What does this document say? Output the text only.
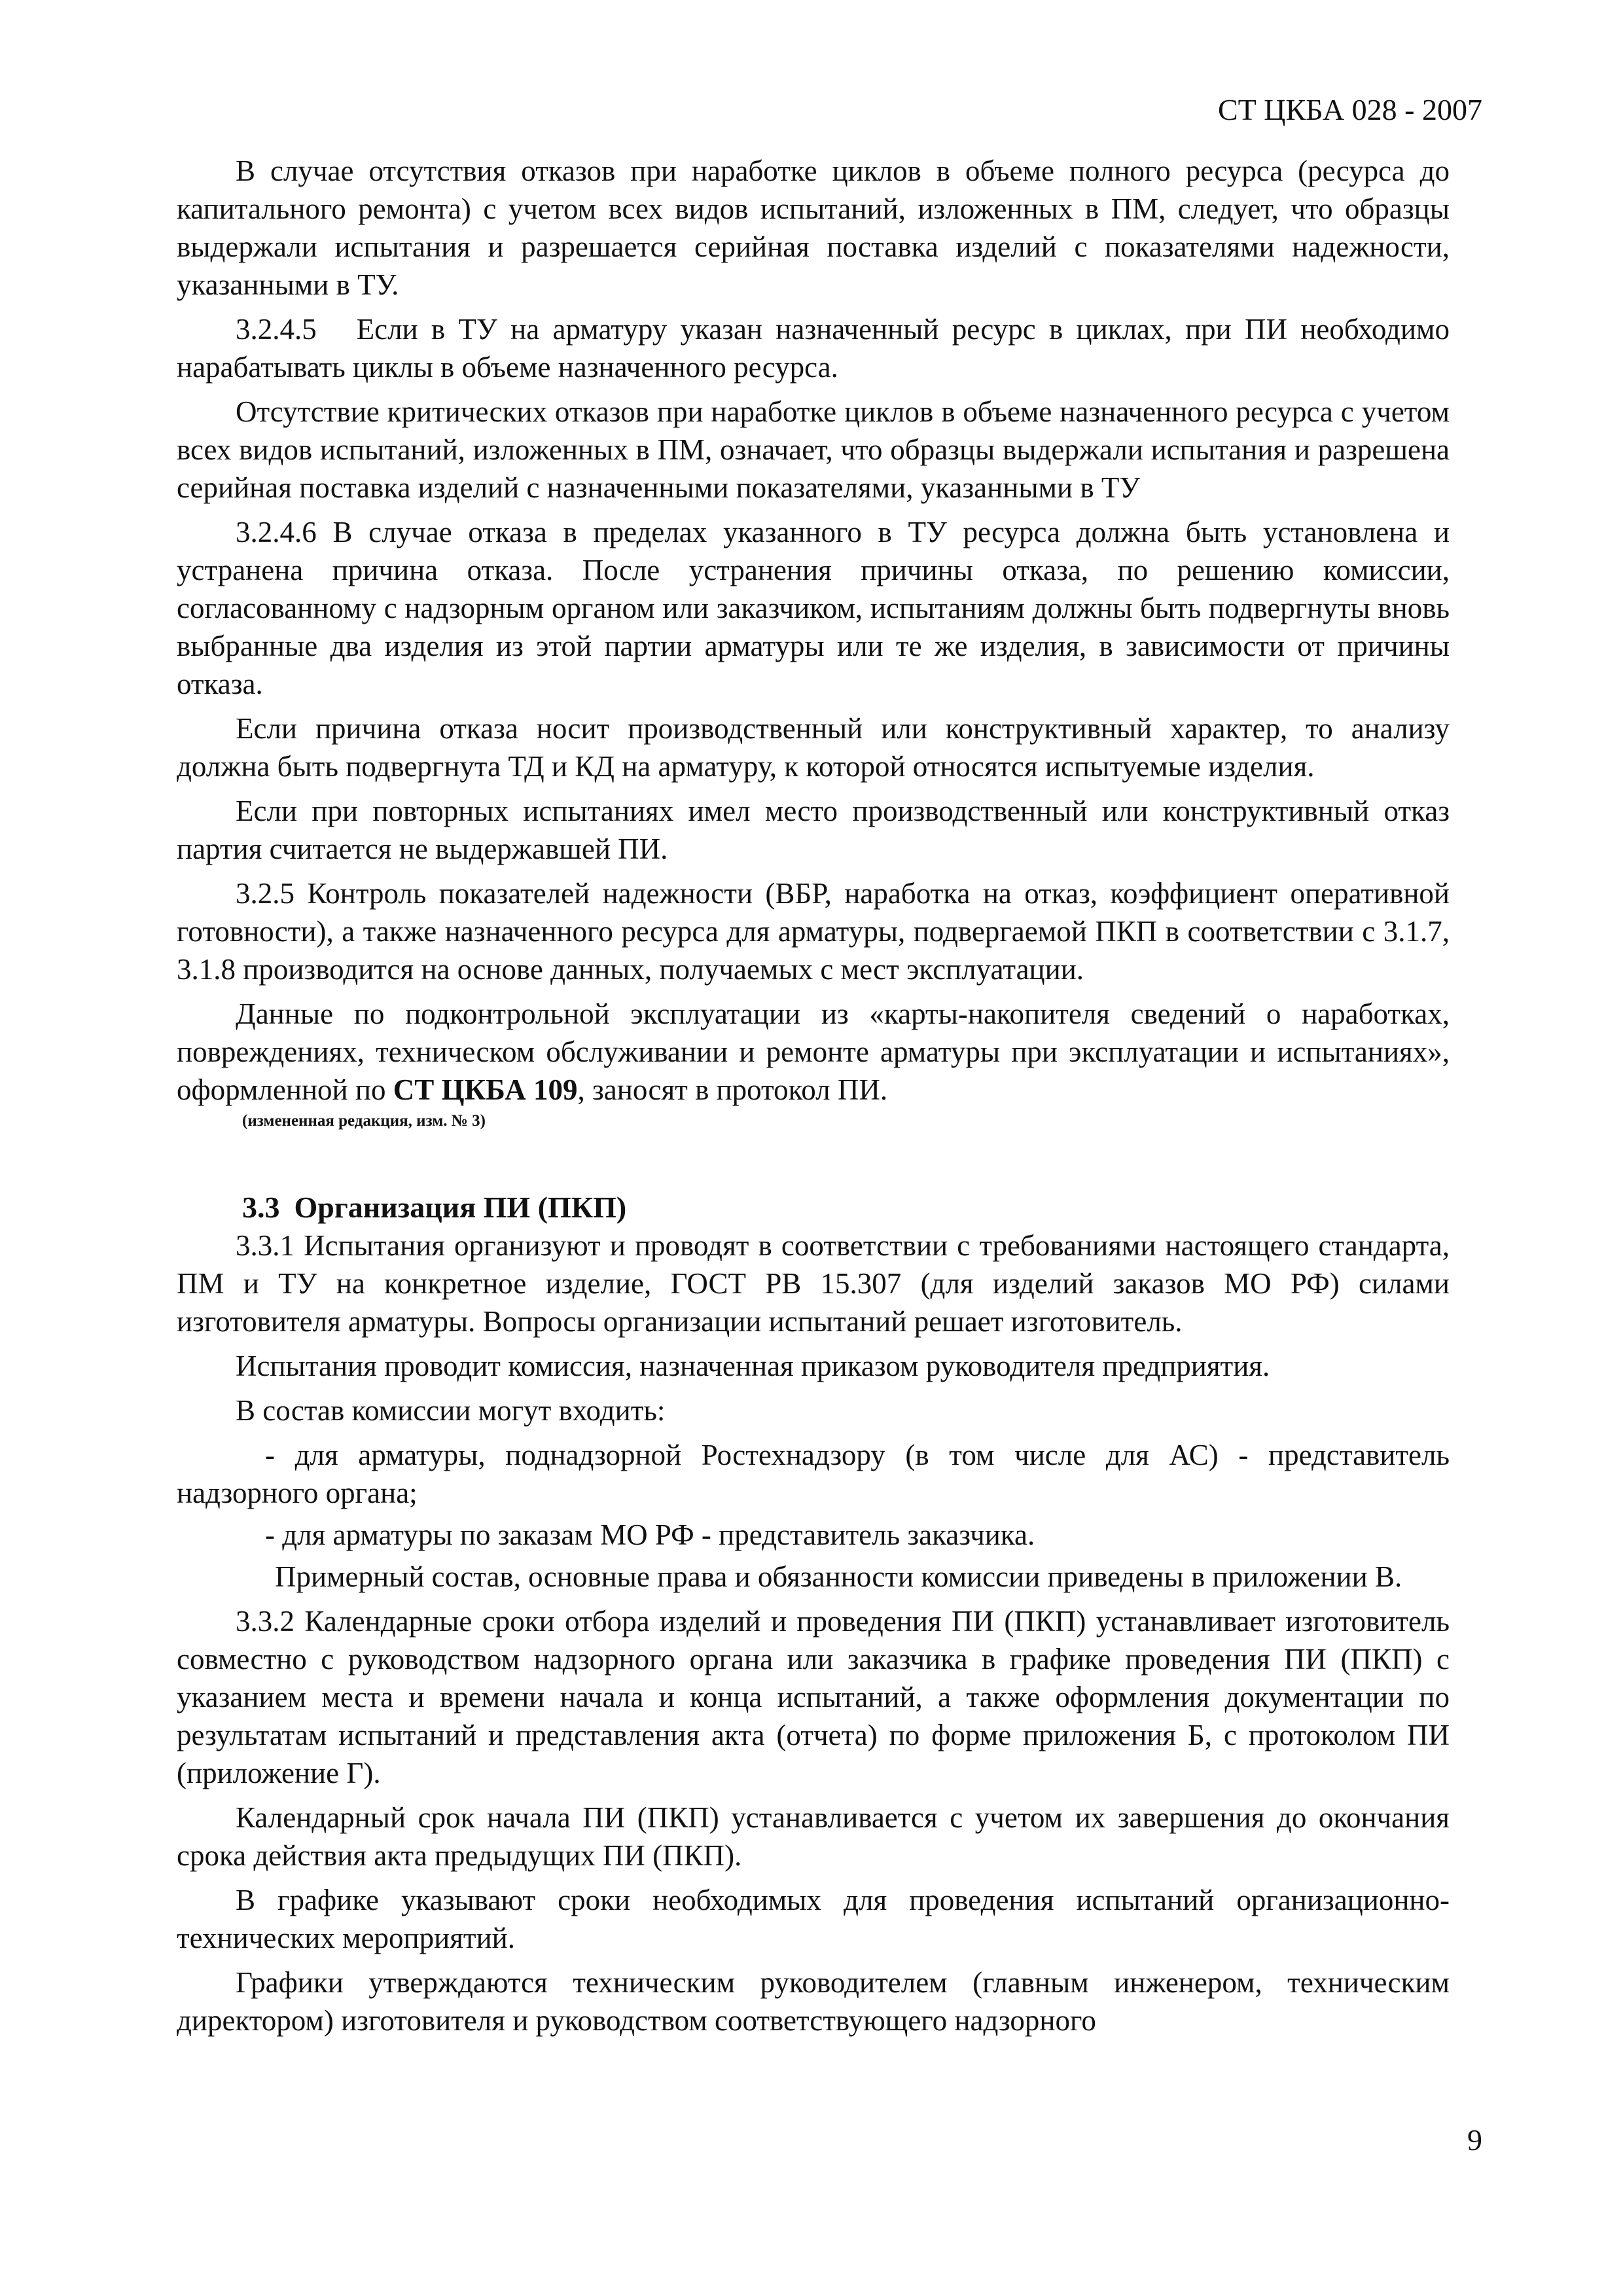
СТ ЦКБА 028 - 2007

В случае отсутствия отказов при наработке циклов в объеме полного ресурса (ресурса до капитального ремонта) с учетом всех видов испытаний, изложенных в ПМ, следует, что образцы выдержали испытания и разрешается серийная поставка изделий с показателями надежности, указанными в ТУ.

3.2.4.5 Если в ТУ на арматуру указан назначенный ресурс в циклах, при ПИ необходимо нарабатывать циклы в объеме назначенного ресурса.

Отсутствие критических отказов при наработке циклов в объеме назначенного ресурса с учетом всех видов испытаний, изложенных в ПМ, означает, что образцы выдержали испытания и разрешена серийная поставка изделий с назначенными показателями, указанными в ТУ

3.2.4.6 В случае отказа в пределах указанного в ТУ ресурса должна быть установлена и устранена причина отказа. После устранения причины отказа, по решению комиссии, согласованному с надзорным органом или заказчиком, испытаниям должны быть подвергнуты вновь выбранные два изделия из этой партии арматуры или те же изделия, в зависимости от причины отказа.

Если причина отказа носит производственный или конструктивный характер, то анализу должна быть подвергнута ТД и КД на арматуру, к которой относятся испытуемые изделия.

Если при повторных испытаниях имел место производственный или конструктивный отказ партия считается не выдержавшей ПИ.

3.2.5 Контроль показателей надежности (ВБР, наработка на отказ, коэффициент оперативной готовности), а также назначенного ресурса для арматуры, подвергаемой ПКП в соответствии с 3.1.7, 3.1.8 производится на основе данных, получаемых с мест эксплуатации.

Данные по подконтрольной эксплуатации из «карты-накопителя сведений о наработках, повреждениях, техническом обслуживании и ремонте арматуры при эксплуатации и испытаниях», оформленной по СТ ЦКБА 109, заносят в протокол ПИ.

(измененная редакция, изм. № 3)
3.3 Организация ПИ (ПКП)

3.3.1 Испытания организуют и проводят в соответствии с требованиями настоящего стандарта, ПМ и ТУ на конкретное изделие, ГОСТ РВ 15.307 (для изделий заказов МО РФ) силами изготовителя арматуры. Вопросы организации испытаний решает изготовитель.

Испытания проводит комиссия, назначенная приказом руководителя предприятия.

В состав комиссии могут входить:

- для арматуры, поднадзорной Ростехнадзору (в том числе для АС) - представитель надзорного органа;

- для арматуры по заказам МО РФ - представитель заказчика.

Примерный состав, основные права и обязанности комиссии приведены в приложении В.

3.3.2 Календарные сроки отбора изделий и проведения ПИ (ПКП) устанавливает изготовитель совместно с руководством надзорного органа или заказчика в графике проведения ПИ (ПКП) с указанием места и времени начала и конца испытаний, а также оформления документации по результатам испытаний и представления акта (отчета) по форме приложения Б, с протоколом ПИ (приложение Г).

Календарный срок начала ПИ (ПКП) устанавливается с учетом их завершения до окончания срока действия акта предыдущих ПИ (ПКП).

В графике указывают сроки необходимых для проведения испытаний организационно-технических мероприятий.

Графики утверждаются техническим руководителем (главным инженером, техническим директором) изготовителя и руководством соответствующего надзорного

9
